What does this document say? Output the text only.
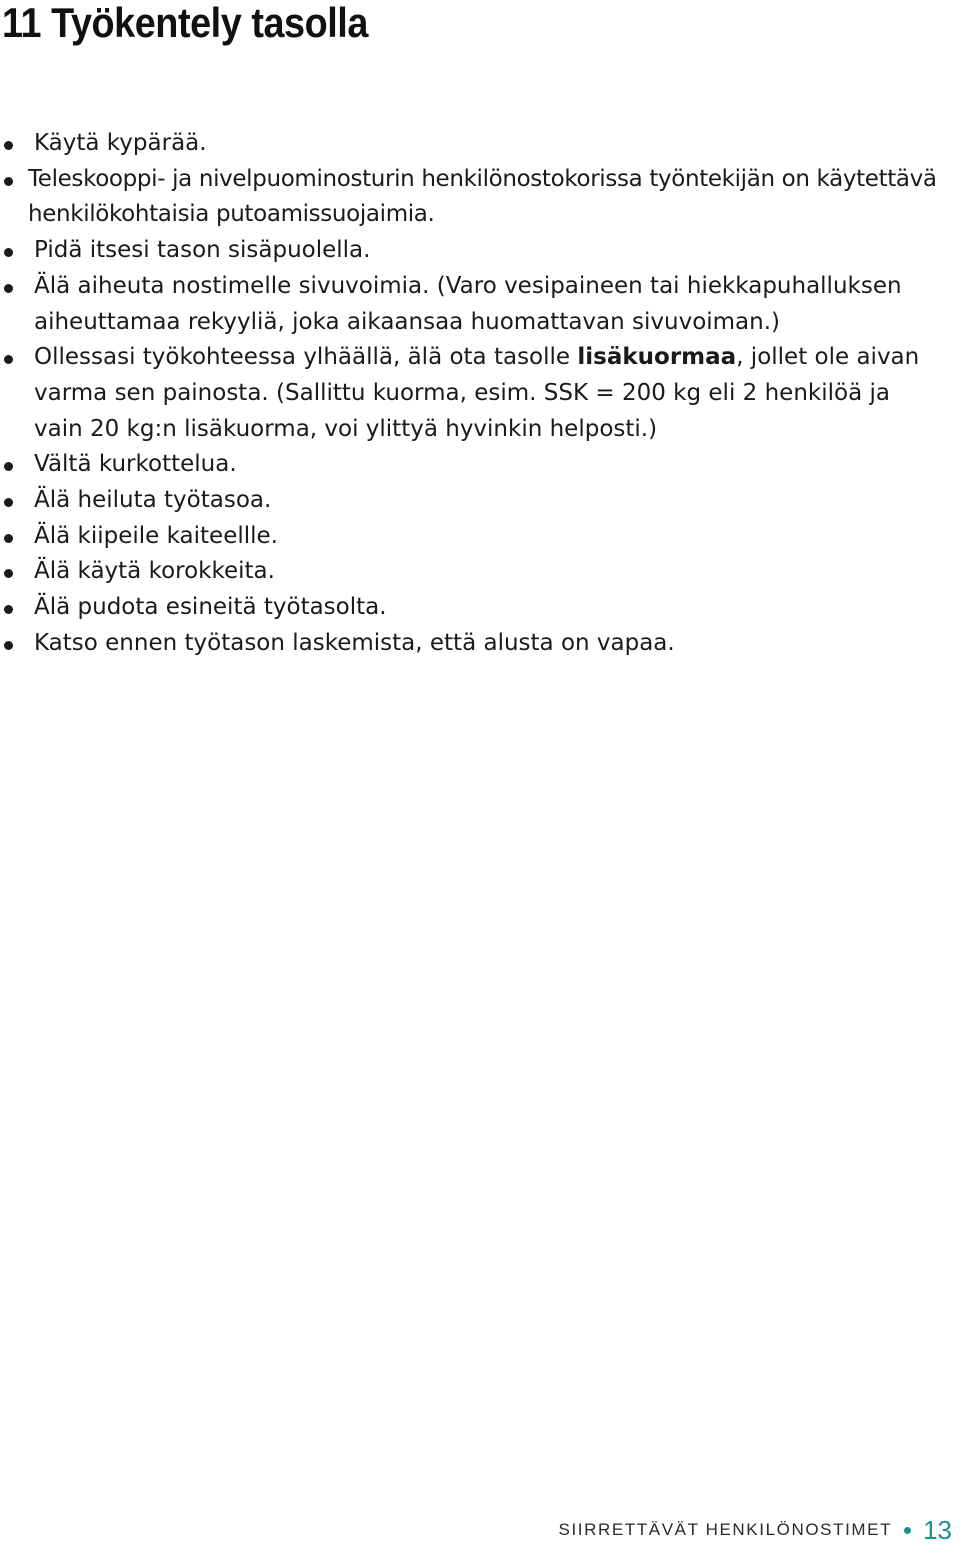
11 Työkentely tasolla
Käytä kypärää.
Teleskooppi- ja nivelpuominosturin henkilönostokorissa työntekijän on käytettävä henkilökohtaisia putoamissuojaimia.
Pidä itsesi tason sisäpuolella.
Älä aiheuta nostimelle sivuvoimia. (Varo vesipaineen tai hiekkapuhalluksen aiheuttamaa rekyyliä, joka aikaansaa huomattavan sivuvoiman.)
Ollessasi työkohteessa ylhäällä, älä ota tasolle lisäkuormaa, jollet ole aivan varma sen painosta. (Sallittu kuorma, esim. SSK = 200 kg eli 2 henkilöä ja vain 20 kg:n lisäkuorma, voi ylittyä hyvinkin helposti.)
Vältä kurkottelua.
Älä heiluta työtasoa.
Älä kiipeile kaiteellle.
Älä käytä korokkeita.
Älä pudota esineitä työtasolta.
Katso ennen työtason laskemista, että alusta on vapaa.
SIIRRETTÄVÄT HENKILÖNOSTIMET 13
